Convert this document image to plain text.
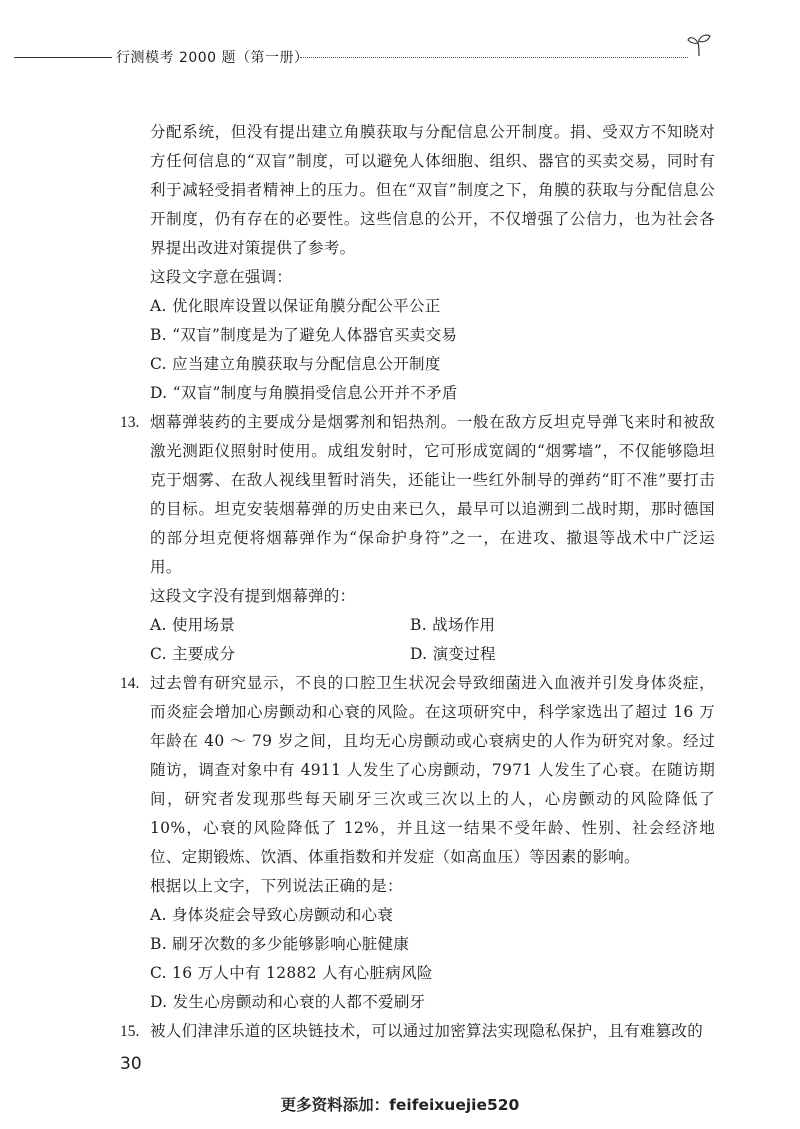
行测模考 2000 题（第一册）

分配系统，但没有提出建立角膜获取与分配信息公开制度。捐、受双方不知晓对方任何信息的“双盲”制度，可以避免人体细胞、组织、器官的买卖交易，同时有利于减轻受捐者精神上的压力。但在“双盲”制度之下，角膜的获取与分配信息公开制度，仍有存在的必要性。这些信息的公开，不仅增强了公信力，也为社会各界提出改进对策提供了参考。

这段文字意在强调：

A. 优化眼库设置以保证角膜分配公平公正

B. “双盲”制度是为了避免人体器官买卖交易

C. 应当建立角膜获取与分配信息公开制度

D. “双盲”制度与角膜捐受信息公开并不矛盾

13. 烟幕弹装药的主要成分是烟雾剂和铝热剂。一般在敌方反坦克导弹飞来时和被敌激光测距仪照射时使用。成组发射时，它可形成宽阔的“烟雾墙”，不仅能够隐坦克于烟雾、在敌人视线里暂时消失，还能让一些红外制导的弹药“盯不准”要打击的目标。坦克安装烟幕弹的历史由来已久，最早可以追溯到二战时期，那时德国的部分坦克便将烟幕弹作为“保命护身符”之一，在进攻、撤退等战术中广泛运用。

这段文字没有提到烟幕弹的：

A. 使用场景	B. 战场作用

C. 主要成分	D. 演变过程

14. 过去曾有研究显示，不良的口腔卫生状况会导致细菌进入血液并引发身体炎症，而炎症会增加心房颤动和心衰的风险。在这项研究中，科学家选出了超过 16 万年龄在 40 ～ 79 岁之间，且均无心房颤动或心衰病史的人作为研究对象。经过随访，调查对象中有 4911 人发生了心房颤动，7971 人发生了心衰。在随访期间，研究者发现那些每天刷牙三次或三次以上的人，心房颤动的风险降低了 10%，心衰的风险降低了 12%，并且这一结果不受年龄、性别、社会经济地位、定期锻炼、饮酒、体重指数和并发症（如高血压）等因素的影响。

根据以上文字，下列说法正确的是：

A. 身体炎症会导致心房颤动和心衰

B. 刷牙次数的多少能够影响心脏健康

C. 16 万人中有 12882 人有心脏病风险

D. 发生心房颤动和心衰的人都不爱刷牙

15. 被人们津津乐道的区块链技术，可以通过加密算法实现隐私保护，且有难篡改的

30
更多资料添加：feifeixuejie520
